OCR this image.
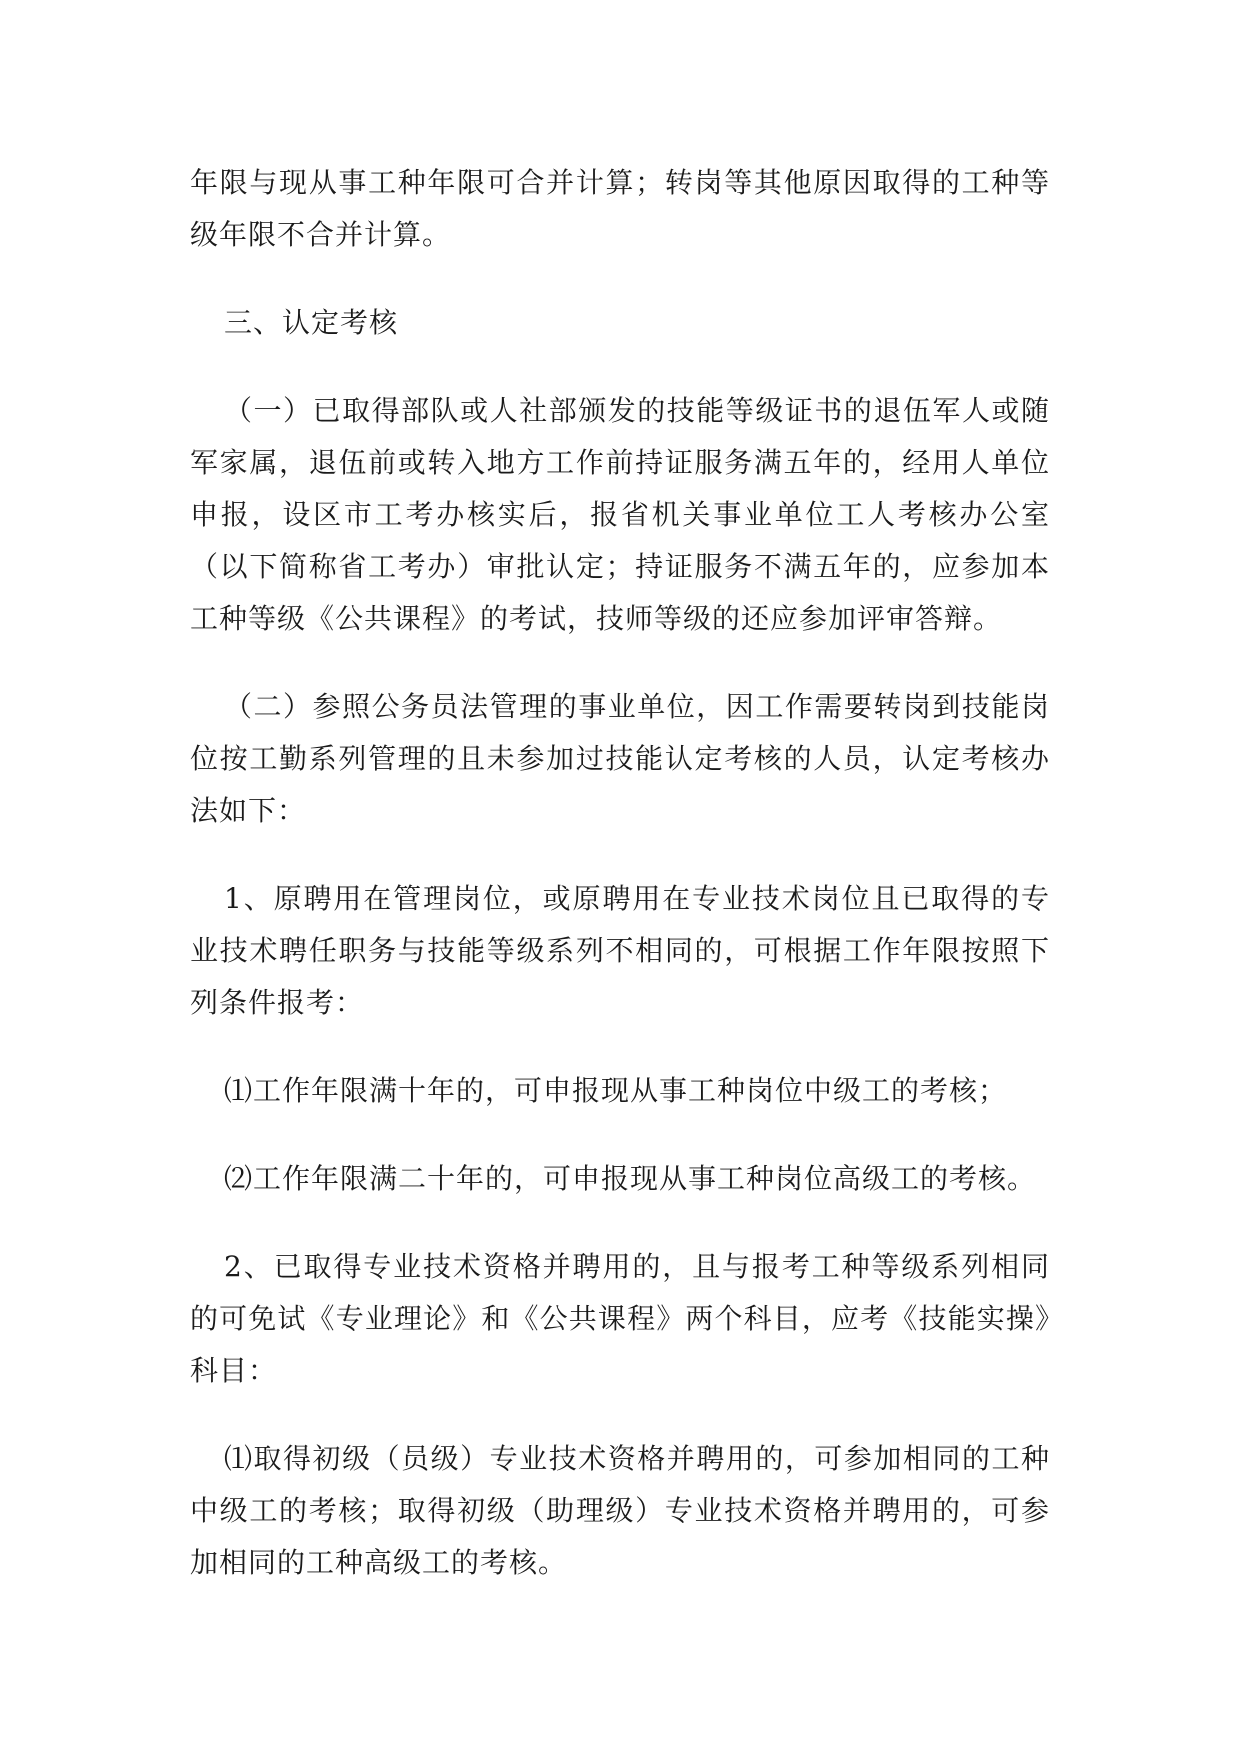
年限与现从事工种年限可合并计算；转岗等其他原因取得的工种等级年限不合并计算。

三、认定考核

（一）已取得部队或人社部颁发的技能等级证书的退伍军人或随军家属，退伍前或转入地方工作前持证服务满五年的，经用人单位申报，设区市工考办核实后，报省机关事业单位工人考核办公室（以下简称省工考办）审批认定；持证服务不满五年的，应参加本工种等级《公共课程》的考试，技师等级的还应参加评审答辩。

（二）参照公务员法管理的事业单位，因工作需要转岗到技能岗位按工勤系列管理的且未参加过技能认定考核的人员，认定考核办法如下：

1、原聘用在管理岗位，或原聘用在专业技术岗位且已取得的专业技术聘任职务与技能等级系列不相同的，可根据工作年限按照下列条件报考：

⑴工作年限满十年的，可申报现从事工种岗位中级工的考核；

⑵工作年限满二十年的，可申报现从事工种岗位高级工的考核。

2、已取得专业技术资格并聘用的，且与报考工种等级系列相同的可免试《专业理论》和《公共课程》两个科目，应考《技能实操》科目：

⑴取得初级（员级）专业技术资格并聘用的，可参加相同的工种中级工的考核；取得初级（助理级）专业技术资格并聘用的，可参加相同的工种高级工的考核。
